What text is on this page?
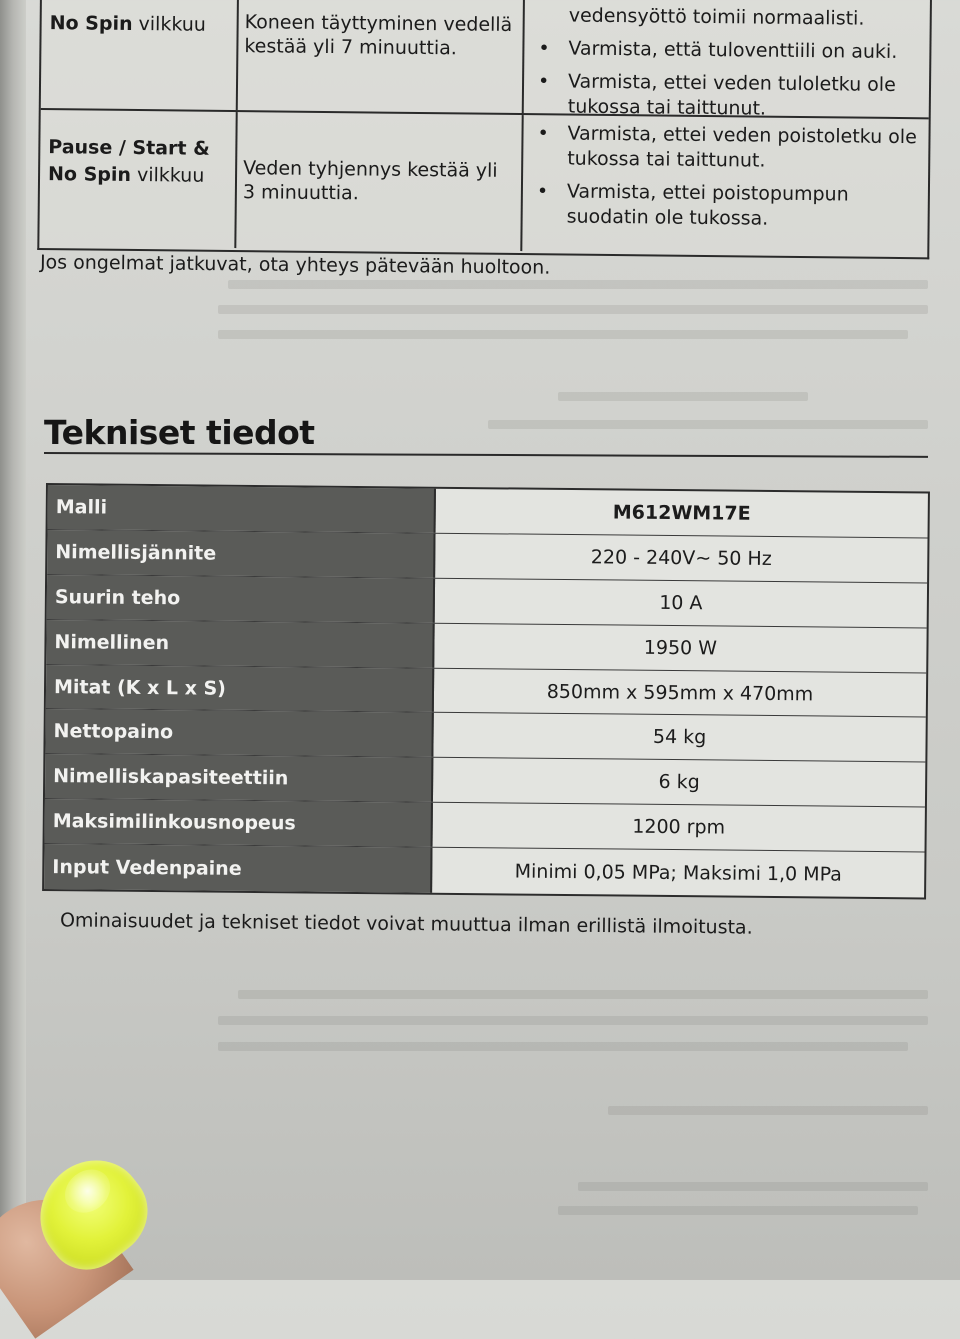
No Spin vilkkuu	Koneen täyttyminen vedellä kestää yli 7 minuuttia.
vedensyöttö toimii normaalisti.
• Varmista, että tuloventtiili on auki.
• Varmista, ettei veden tuloletku ole tukossa tai taittunut.
Pause / Start & No Spin vilkkuu	Veden tyhjennys kestää yli 3 minuuttia.
• Varmista, ettei veden poistoletku ole tukossa tai taittunut.
• Varmista, ettei poistopumpun suodatin ole tukossa.
Jos ongelmat jatkuvat, ota yhteys pätevään huoltoon.
Tekniset tiedot
Malli	M612WM17E
Nimellisjännite	220 - 240V~ 50 Hz
Suurin teho	10 A
Nimellinen	1950 W
Mitat (K x L x S)	850mm x 595mm x 470mm
Nettopaino	54 kg
Nimelliskapasiteettiin	6 kg
Maksimilinkousnopeus	1200 rpm
Input Vedenpaine	Minimi 0,05 MPa; Maksimi 1,0 MPa
Ominaisuudet ja tekniset tiedot voivat muuttua ilman erillistä ilmoitusta.
